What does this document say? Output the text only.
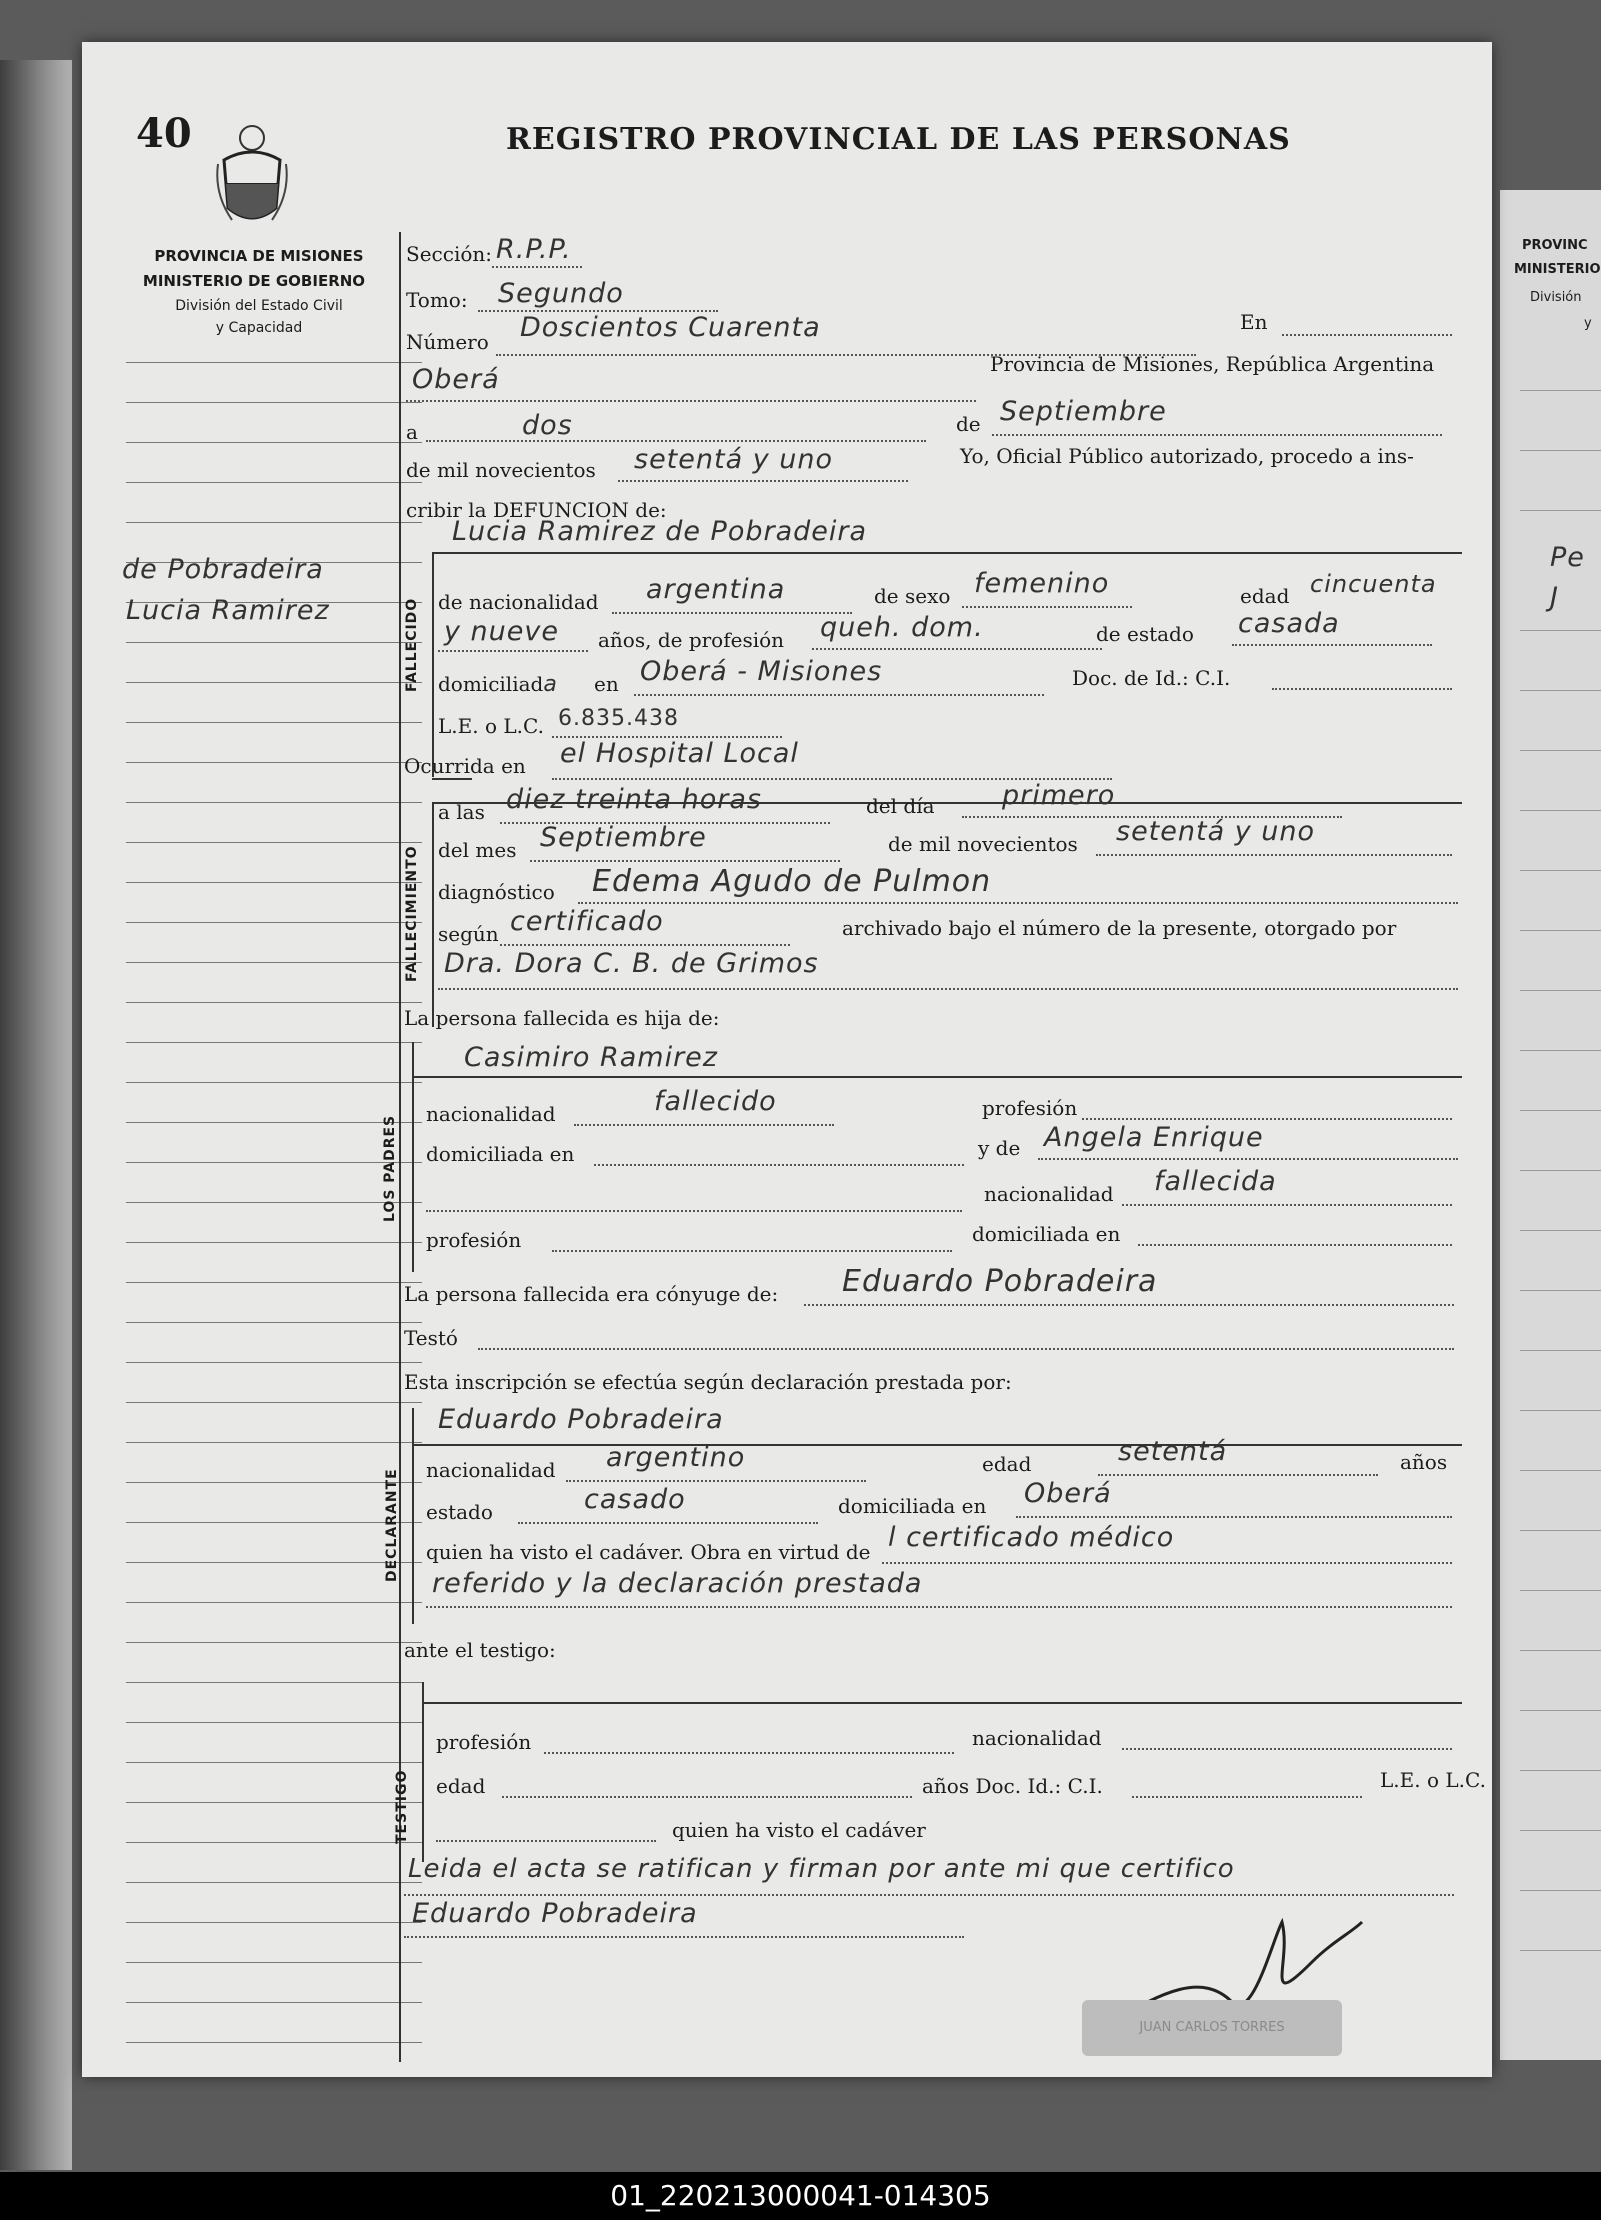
PROVINC
MINISTERIO
División
y
Pe
J
40	REGISTRO PROVINCIAL DE LAS PERSONAS
PROVINCIA DE MISIONES
MINISTERIO DE GOBIERNO
División del Estado Civil
y Capacidad
de Pobradeira
Lucia Ramirez
Sección: R.P.P.
Tomo: Segundo
Número Doscientos Cuarenta	En
Oberá	Provincia de Misiones, República Argentina
a	dos	de Septiembre
de mil novecientos setentá y uno	Yo, Oficial Público autorizado, procedo a ins-
cribir la DEFUNCION de:
FALLECIDO
Lucia Ramirez de Pobradeira
de nacionalidad argentina	de sexo femenino	edad cincuenta
y nueve años, de profesión queh. dom.	de estado casada
domiciliada en Oberá - Misiones	Doc. de Id.: C.I.
L.E. o L.C. 6.835.438
Ocurrida en el Hospital Local
FALLECIMIENTO
a las diez treinta horas	del día primero
del mes Septiembre	de mil novecientos setentá y uno
diagnóstico Edema Agudo de Pulmon
según certificado	archivado bajo el número de la presente, otorgado por
Dra. Dora C. B. de Grimos
La persona fallecida es hija de:
LOS PADRES
Casimiro Ramirez
nacionalidad	fallecido	profesión
domiciliada en	y de Angela Enrique
nacionalidad fallecida
profesión	domiciliada en
La persona fallecida era cónyuge de: Eduardo Pobradeira
Testó
Esta inscripción se efectúa según declaración prestada por:
DECLARANTE
Eduardo Pobradeira
nacionalidad argentino	edad	setentá	años
estado	casado	domiciliada en Oberá
quien ha visto el cadáver. Obra en virtud de l certificado médico
referido y la declaración prestada
ante el testigo:
TESTIGO
profesión	nacionalidad
edad	años Doc. Id.: C.I.	L.E. o L.C.
quien ha visto el cadáver
Leida el acta se ratifican y firman por ante mi que certifico
Eduardo Pobradeira
JUAN CARLOS TORRES
01_220213000041-014305
